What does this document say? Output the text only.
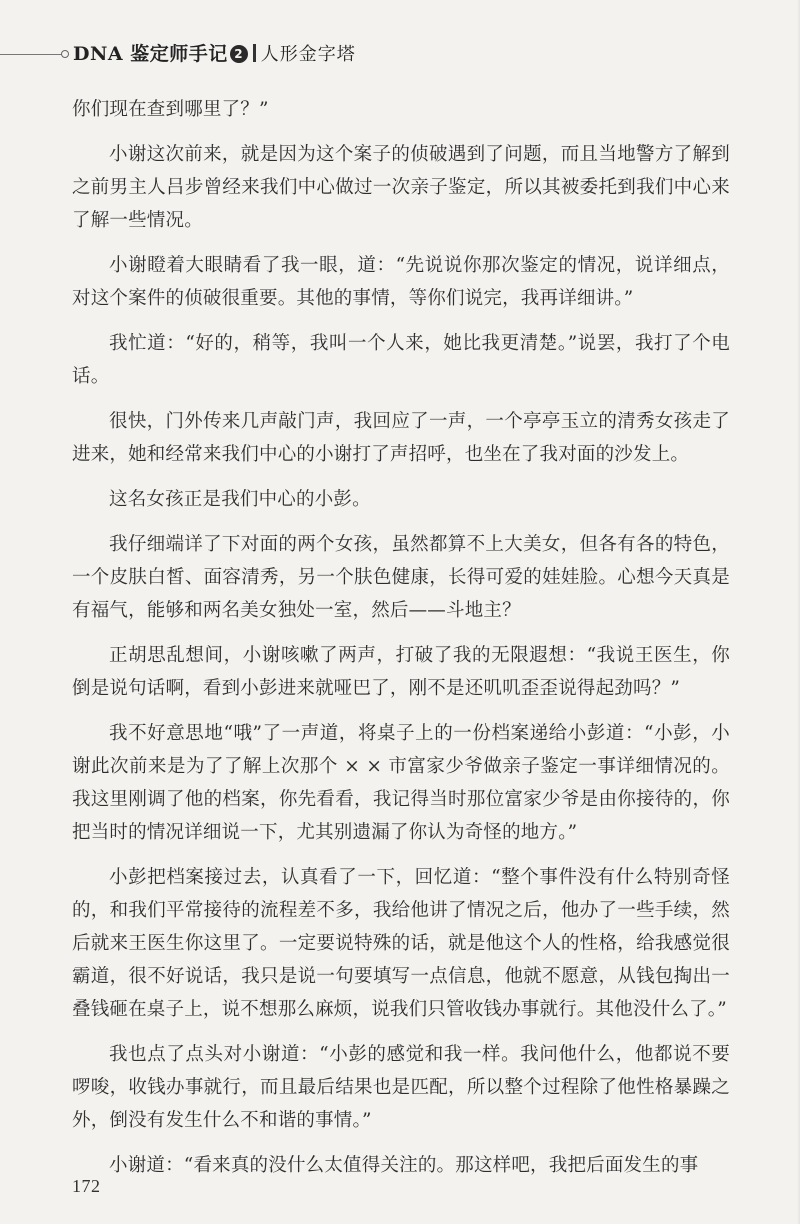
DNA 鉴定师手记 2 人形金字塔

你们现在查到哪里了？”

小谢这次前来，就是因为这个案子的侦破遇到了问题，而且当地警方了解到之前男主人吕步曾经来我们中心做过一次亲子鉴定，所以其被委托到我们中心来了解一些情况。

小谢瞪着大眼睛看了我一眼，道：“先说说你那次鉴定的情况，说详细点，对这个案件的侦破很重要。其他的事情，等你们说完，我再详细讲。”

我忙道：“好的，稍等，我叫一个人来，她比我更清楚。”说罢，我打了个电话。

很快，门外传来几声敲门声，我回应了一声，一个亭亭玉立的清秀女孩走了进来，她和经常来我们中心的小谢打了声招呼，也坐在了我对面的沙发上。

这名女孩正是我们中心的小彭。

我仔细端详了下对面的两个女孩，虽然都算不上大美女，但各有各的特色，一个皮肤白皙、面容清秀，另一个肤色健康，长得可爱的娃娃脸。心想今天真是有福气，能够和两名美女独处一室，然后——斗地主？

正胡思乱想间，小谢咳嗽了两声，打破了我的无限遐想：“我说王医生，你倒是说句话啊，看到小彭进来就哑巴了，刚不是还叽叽歪歪说得起劲吗？”

我不好意思地“哦”了一声道，将桌子上的一份档案递给小彭道：“小彭，小谢此次前来是为了了解上次那个 × × 市富家少爷做亲子鉴定一事详细情况的。我这里刚调了他的档案，你先看看，我记得当时那位富家少爷是由你接待的，你把当时的情况详细说一下，尤其别遗漏了你认为奇怪的地方。”

小彭把档案接过去，认真看了一下，回忆道：“整个事件没有什么特别奇怪的，和我们平常接待的流程差不多，我给他讲了情况之后，他办了一些手续，然后就来王医生你这里了。一定要说特殊的话，就是他这个人的性格，给我感觉很霸道，很不好说话，我只是说一句要填写一点信息，他就不愿意，从钱包掏出一叠钱砸在桌子上，说不想那么麻烦，说我们只管收钱办事就行。其他没什么了。”

我也点了点头对小谢道：“小彭的感觉和我一样。我问他什么，他都说不要啰唆，收钱办事就行，而且最后结果也是匹配，所以整个过程除了他性格暴躁之外，倒没有发生什么不和谐的事情。”

小谢道：“看来真的没什么太值得关注的。那这样吧，我把后面发生的事

172
